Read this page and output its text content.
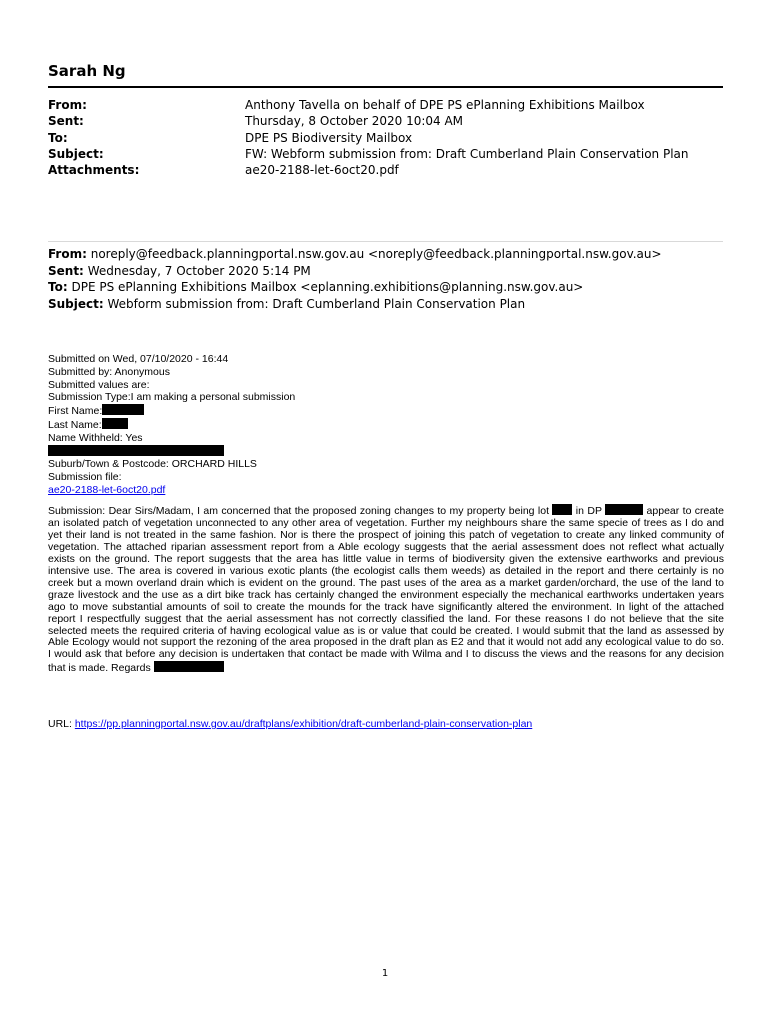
Sarah Ng
From:	Anthony Tavella on behalf of DPE PS ePlanning Exhibitions Mailbox
Sent:	Thursday, 8 October 2020 10:04 AM
To:	DPE PS Biodiversity Mailbox
Subject:	FW: Webform submission from: Draft Cumberland Plain Conservation Plan
Attachments:	ae20-2188-let-6oct20.pdf
From: noreply@feedback.planningportal.nsw.gov.au <noreply@feedback.planningportal.nsw.gov.au>
Sent: Wednesday, 7 October 2020 5:14 PM
To: DPE PS ePlanning Exhibitions Mailbox <eplanning.exhibitions@planning.nsw.gov.au>
Subject: Webform submission from: Draft Cumberland Plain Conservation Plan
Submitted on Wed, 07/10/2020 - 16:44
Submitted by: Anonymous
Submitted values are:
Submission Type:I am making a personal submission
First Name:
Last Name:
Name Withheld: Yes
Suburb/Town & Postcode: ORCHARD HILLS
Submission file:
ae20-2188-let-6oct20.pdf
Submission: Dear Sirs/Madam, I am concerned that the proposed zoning changes to my property being lot  in DP	appear to create an isolated patch of vegetation unconnected to any other area of vegetation. Further my neighbours share the same specie of trees as I do and yet their land is not treated in the same fashion. Nor is there the prospect of joining this patch of vegetation to create any linked community of vegetation. The attached riparian assessment report from a Able ecology suggests that the aerial assessment does not reflect what actually exists on the ground. The report suggests that the area has little value in terms of biodiversity given the extensive earthworks and previous intensive use. The area is covered in various exotic plants (the ecologist calls them weeds) as detailed in the report and there certainly is no creek but a mown overland drain which is evident on the ground. The past uses of the area as a market garden/orchard, the use of the land to graze livestock and the use as a dirt bike track has certainly changed the environment especially the mechanical earthworks undertaken years ago to move substantial amounts of soil to create the mounds for the track have significantly altered the environment. In light of the attached report I respectfully suggest that the aerial assessment has not correctly classified the land. For these reasons I do not believe that the site selected meets the required criteria of having ecological value as is or value that could be created. I would submit that the land as assessed by Able Ecology would not support the rezoning of the area proposed in the draft plan as E2 and that it would not add any ecological value to do so. I would ask that before any decision is undertaken that contact be made with Wilma and I to discuss the views and the reasons for any decision that is made. Regards
URL: https://pp.planningportal.nsw.gov.au/draftplans/exhibition/draft-cumberland-plain-conservation-plan
1
